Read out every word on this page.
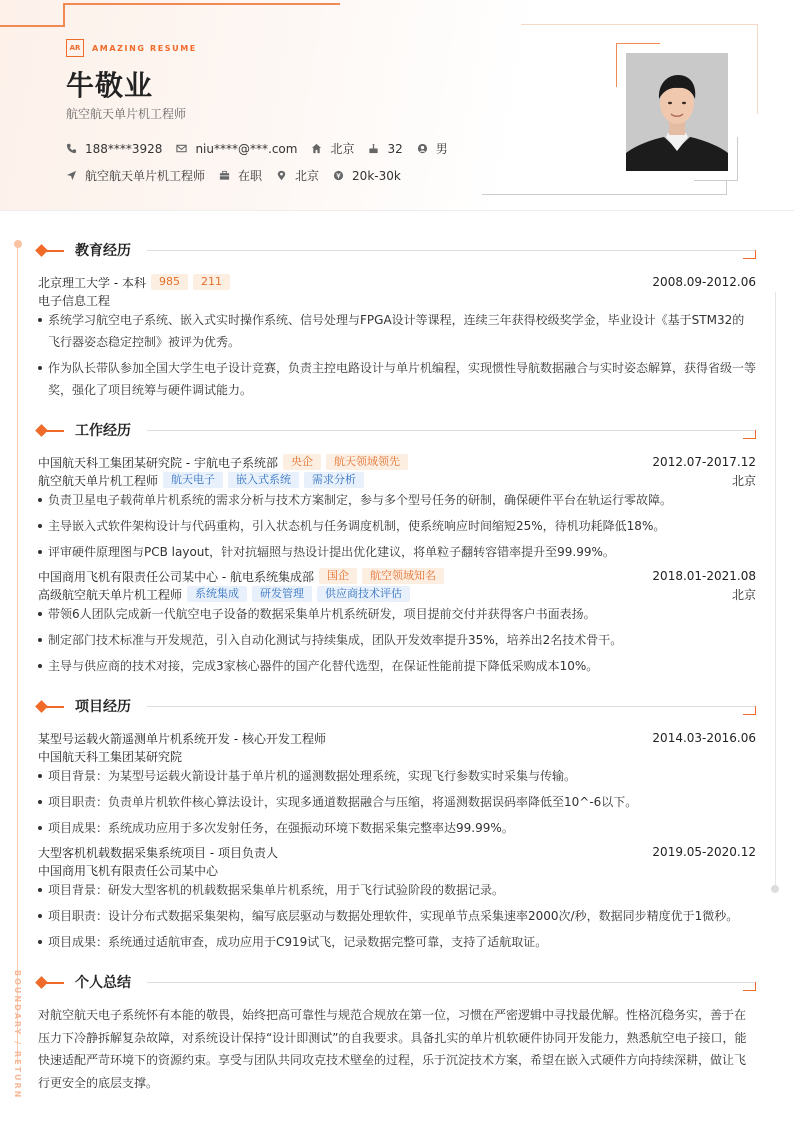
AR	AMAZING RESUME
牛敬业
航空航天单片机工程师
188****3928	niu****@***.com	北京	32	男
航空航天单片机工程师	在职	北京	20k-30k
BOUNDARY / RETURN
教育经历
北京理工大学 - 本科	985	211	2008.09-2012.06
电子信息工程
系统学习航空电子系统、嵌入式实时操作系统、信号处理与FPGA设计等课程，连续三年获得校级奖学金，毕业设计《基于STM32的飞行器姿态稳定控制》被评为优秀。
作为队长带队参加全国大学生电子设计竞赛，负责主控电路设计与单片机编程，实现惯性导航数据融合与实时姿态解算，获得省级一等奖，强化了项目统筹与硬件调试能力。
工作经历
中国航天科工集团某研究院 - 宇航电子系统部	央企	航天领域领先	2012.07-2017.12
航空航天单片机工程师	航天电子	嵌入式系统	需求分析	北京
负责卫星电子载荷单片机系统的需求分析与技术方案制定，参与多个型号任务的研制，确保硬件平台在轨运行零故障。
主导嵌入式软件架构设计与代码重构，引入状态机与任务调度机制，使系统响应时间缩短25%，待机功耗降低18%。
评审硬件原理图与PCB layout，针对抗辐照与热设计提出优化建议，将单粒子翻转容错率提升至99.99%。
中国商用飞机有限责任公司某中心 - 航电系统集成部	国企	航空领域知名	2018.01-2021.08
高级航空航天单片机工程师	系统集成	研发管理	供应商技术评估	北京
带领6人团队完成新一代航空电子设备的数据采集单片机系统研发，项目提前交付并获得客户书面表扬。
制定部门技术标准与开发规范，引入自动化测试与持续集成，团队开发效率提升35%，培养出2名技术骨干。
主导与供应商的技术对接，完成3家核心器件的国产化替代选型，在保证性能前提下降低采购成本10%。
项目经历
某型号运载火箭遥测单片机系统开发 - 核心开发工程师	2014.03-2016.06
中国航天科工集团某研究院
项目背景：为某型号运载火箭设计基于单片机的遥测数据处理系统，实现飞行参数实时采集与传输。
项目职责：负责单片机软件核心算法设计，实现多通道数据融合与压缩，将遥测数据误码率降低至10^-6以下。
项目成果：系统成功应用于多次发射任务，在强振动环境下数据采集完整率达99.99%。
大型客机机载数据采集系统项目 - 项目负责人	2019.05-2020.12
中国商用飞机有限责任公司某中心
项目背景：研发大型客机的机载数据采集单片机系统，用于飞行试验阶段的数据记录。
项目职责：设计分布式数据采集架构，编写底层驱动与数据处理软件，实现单节点采集速率2000次/秒，数据同步精度优于1微秒。
项目成果：系统通过适航审查，成功应用于C919试飞，记录数据完整可靠，支持了适航取证。
个人总结
对航空航天电子系统怀有本能的敬畏，始终把高可靠性与规范合规放在第一位，习惯在严密逻辑中寻找最优解。性格沉稳务实，善于在压力下冷静拆解复杂故障，对系统设计保持“设计即测试”的自我要求。具备扎实的单片机软硬件协同开发能力，熟悉航空电子接口，能快速适配严苛环境下的资源约束。享受与团队共同攻克技术壁垒的过程，乐于沉淀技术方案，希望在嵌入式硬件方向持续深耕，做让飞行更安全的底层支撑。
